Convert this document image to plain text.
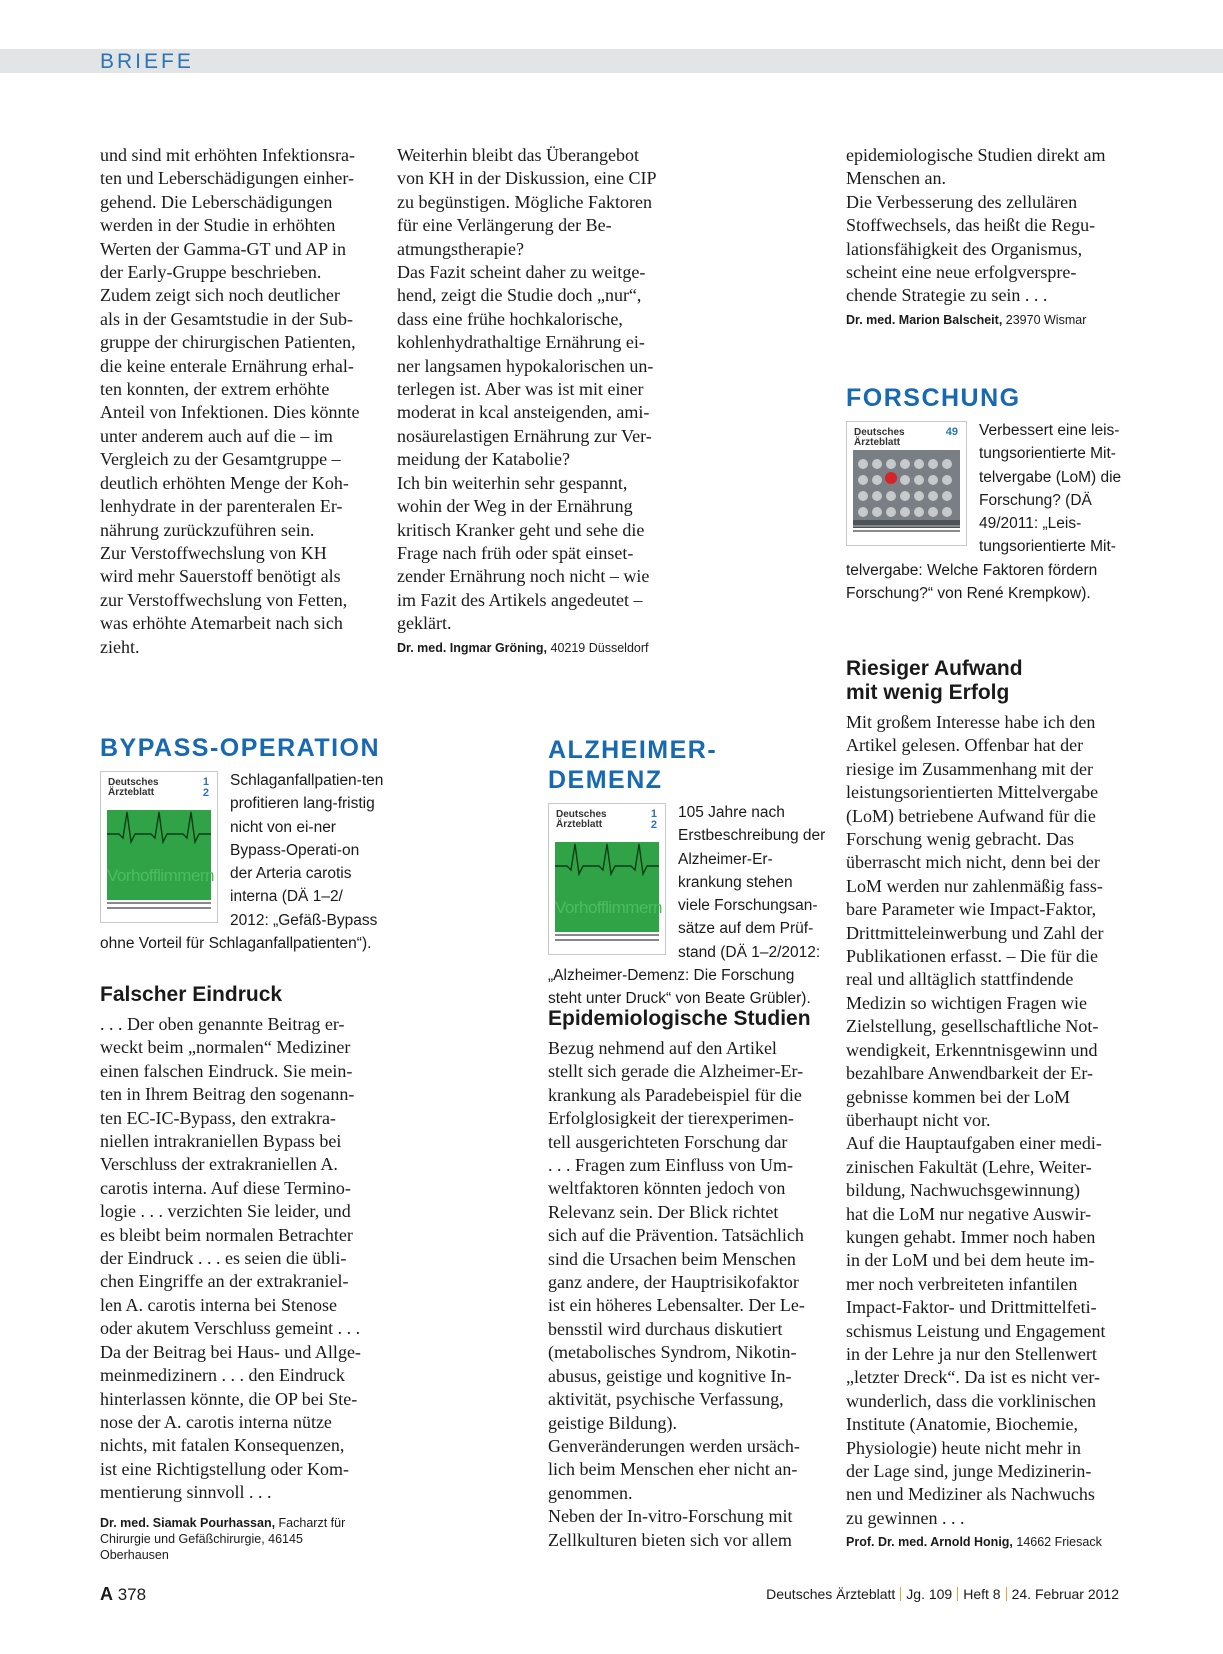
BRIEFE

und sind mit erhöhten Infektionsra-
ten und Leberschädigungen einher-
gehend. Die Leberschädigungen
werden in der Studie in erhöhten
Werten der Gamma-GT und AP in
der Early-Gruppe beschrieben.
Zudem zeigt sich noch deutlicher
als in der Gesamtstudie in der Sub-
gruppe der chirurgischen Patienten,
die keine enterale Ernährung erhal-
ten konnten, der extrem erhöhte
Anteil von Infektionen. Dies könnte
unter anderem auch auf die – im
Vergleich zu der Gesamtgruppe –
deutlich erhöhten Menge der Koh-
lenhydrate in der parenteralen Er-
nährung zurückzuführen sein.
Zur Verstoffwechslung von KH
wird mehr Sauerstoff benötigt als
zur Verstoffwechslung von Fetten,
was erhöhte Atemarbeit nach sich
zieht.

Weiterhin bleibt das Überangebot
von KH in der Diskussion, eine CIP
zu begünstigen. Mögliche Faktoren
für eine Verlängerung der Be-
atmungstherapie?
Das Fazit scheint daher zu weitge-
hend, zeigt die Studie doch „nur“,
dass eine frühe hochkalorische,
kohlenhydrathaltige Ernährung ei-
ner langsamen hypokalorischen un-
terlegen ist. Aber was ist mit einer
moderat in kcal ansteigenden, ami-
nosäurelastigen Ernährung zur Ver-
meidung der Katabolie?
Ich bin weiterhin sehr gespannt,
wohin der Weg in der Ernährung
kritisch Kranker geht und sehe die
Frage nach früh oder spät einset-
zender Ernährung noch nicht – wie
im Fazit des Artikels angedeutet –
geklärt.

Dr. med. Ingmar Gröning, 40219 Düsseldorf

epidemiologische Studien direkt am
Menschen an.
Die Verbesserung des zellulären
Stoffwechsels, das heißt die Regu-
lationsfähigkeit des Organismus,
scheint eine neue erfolgverspre-
chende Strategie zu sein . . .

Dr. med. Marion Balscheit, 23970 Wismar

FORSCHUNG
Deutsches
Ärzteblatt
49 Verbessert eine leis-tungsorientierte Mit-telvergabe (LoM) die Forschung? (DÄ 49/2011: „Leis-tungsorientierte Mit-telvergabe: Welche Faktoren fördern Forschung?“ von René Krempkow).
Riesiger Aufwand
mit wenig Erfolg

Mit großem Interesse habe ich den
Artikel gelesen. Offenbar hat der
riesige im Zusammenhang mit der
leistungsorientierten Mittelvergabe
(LoM) betriebene Aufwand für die
Forschung wenig gebracht. Das
überrascht mich nicht, denn bei der
LoM werden nur zahlenmäßig fass-
bare Parameter wie Impact-Faktor,
Drittmitteleinwerbung und Zahl der
Publikationen erfasst. – Die für die
real und alltäglich stattfindende
Medizin so wichtigen Fragen wie
Zielstellung, gesellschaftliche Not-
wendigkeit, Erkenntnisgewinn und
bezahlbare Anwendbarkeit der Er-
gebnisse kommen bei der LoM
überhaupt nicht vor.
Auf die Hauptaufgaben einer medi-
zinischen Fakultät (Lehre, Weiter-
bildung, Nachwuchsgewinnung)
hat die LoM nur negative Auswir-
kungen gehabt. Immer noch haben
in der LoM und bei dem heute im-
mer noch verbreiteten infantilen
Impact-Faktor- und Drittmittelfeti-
schismus Leistung und Engagement
in der Lehre ja nur den Stellenwert
„letzter Dreck“. Da ist es nicht ver-
wunderlich, dass die vorklinischen
Institute (Anatomie, Biochemie,
Physiologie) heute nicht mehr in
der Lage sind, junge Medizinerin-
nen und Mediziner als Nachwuchs
zu gewinnen . . .

Prof. Dr. med. Arnold Honig, 14662 Friesack

BYPASS-OPERATION
Deutsches
Ärzteblatt
1
2
Vorhofflimmern
Schlaganfallpatien-ten profitieren lang-fristig nicht von ei-ner Bypass-Operati-on der Arteria carotis interna (DÄ 1–2/ 2012: „Gefäß-Bypass ohne Vorteil für Schlaganfallpatienten“).
Falscher Eindruck

. . . Der oben genannte Beitrag er-
weckt beim „normalen“ Mediziner
einen falschen Eindruck. Sie mein-
ten in Ihrem Beitrag den sogenann-
ten EC-IC-Bypass, den extrakra-
niellen intrakraniellen Bypass bei
Verschluss der extrakraniellen A.
carotis interna. Auf diese Termino-
logie . . . verzichten Sie leider, und
es bleibt beim normalen Betrachter
der Eindruck . . . es seien die übli-
chen Eingriffe an der extrakraniel-
len A. carotis interna bei Stenose
oder akutem Verschluss gemeint . . .
Da der Beitrag bei Haus- und Allge-
meinmedizinern . . . den Eindruck
hinterlassen könnte, die OP bei Ste-
nose der A. carotis interna nütze
nichts, mit fatalen Konsequenzen,
ist eine Richtigstellung oder Kom-
mentierung sinnvoll . . .

Dr. med. Siamak Pourhassan, Facharzt für
Chirurgie und Gefäßchirurgie, 46145 Oberhausen

ALZHEIMER-DEMENZ
Deutsches
Ärzteblatt
1
2
Vorhofflimmern
105 Jahre nach Erstbeschreibung der Alzheimer-Er-krankung stehen viele Forschungsan-sätze auf dem Prüf-stand (DÄ 1–2/2012: „Alzheimer-Demenz: Die Forschung steht unter Druck“ von Beate Grübler).
Epidemiologische Studien

Bezug nehmend auf den Artikel
stellt sich gerade die Alzheimer-Er-
krankung als Paradebeispiel für die
Erfolglosigkeit der tierexperimen-
tell ausgerichteten Forschung dar
. . . Fragen zum Einfluss von Um-
weltfaktoren könnten jedoch von
Relevanz sein. Der Blick richtet
sich auf die Prävention. Tatsächlich
sind die Ursachen beim Menschen
ganz andere, der Hauptrisikofaktor
ist ein höheres Lebensalter. Der Le-
bensstil wird durchaus diskutiert
(metabolisches Syndrom, Nikotin-
abusus, geistige und kognitive In-
aktivität, psychische Verfassung,
geistige Bildung).
Genveränderungen werden ursäch-
lich beim Menschen eher nicht an-
genommen.
Neben der In-vitro-Forschung mit
Zellkulturen bieten sich vor allem

A 378	Deutsches Ärzteblatt Jg. 109 Heft 8 24. Februar 2012
